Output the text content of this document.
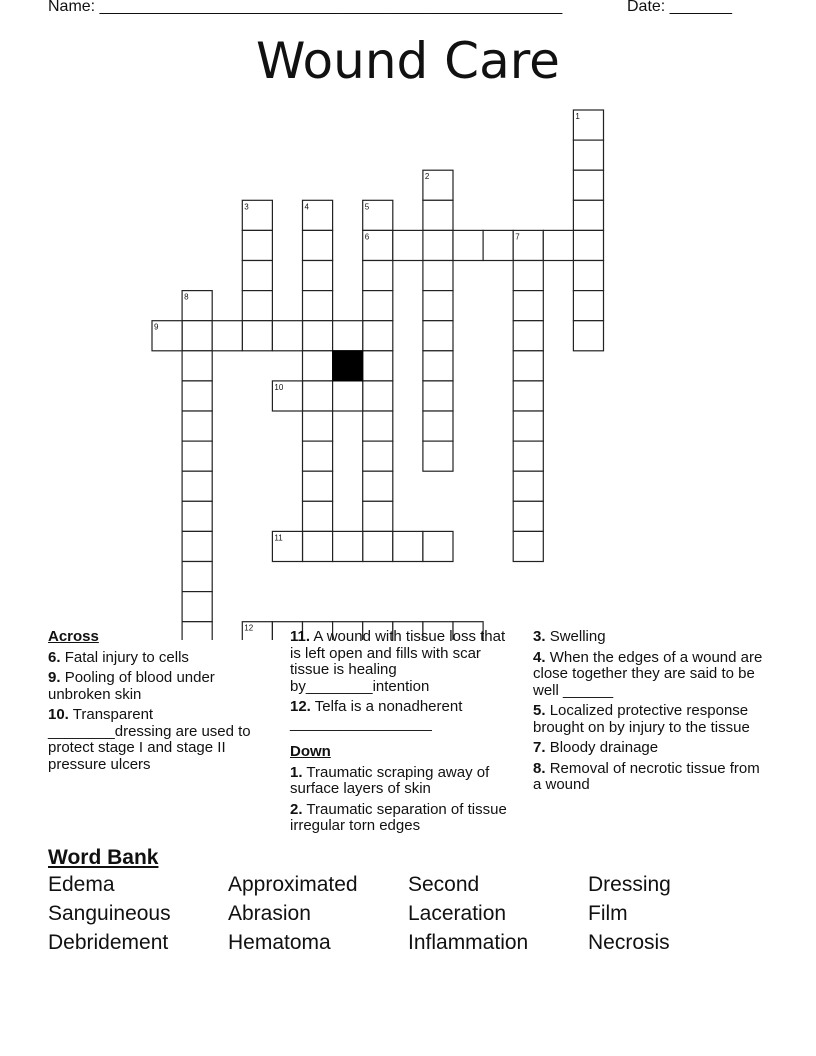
Name: ____________________________________________________	Date: _______
Wound Care
1
2
3	4	5
6	7
8
9
10
11
12
Across
6. Fatal injury to cells
9. Pooling of blood under unbroken skin
10. Transparent ________dressing are used to protect stage I and stage II pressure ulcers
11. A wound with tissue loss that is left open and fills with scar tissue is healing by________intention
12. Telfa is a nonadherent _________________
Down
1. Traumatic scraping away of surface layers of skin
2. Traumatic separation of tissue irregular torn edges
3. Swelling
4. When the edges of a wound are close together they are said to be well ______
5. Localized protective response brought on by injury to the tissue
7. Bloody drainage
8. Removal of necrotic tissue from a wound
Word Bank
Edema	Approximated	Second	Dressing
Sanguineous	Abrasion	Laceration	Film
Debridement	Hematoma	Inflammation	Necrosis
